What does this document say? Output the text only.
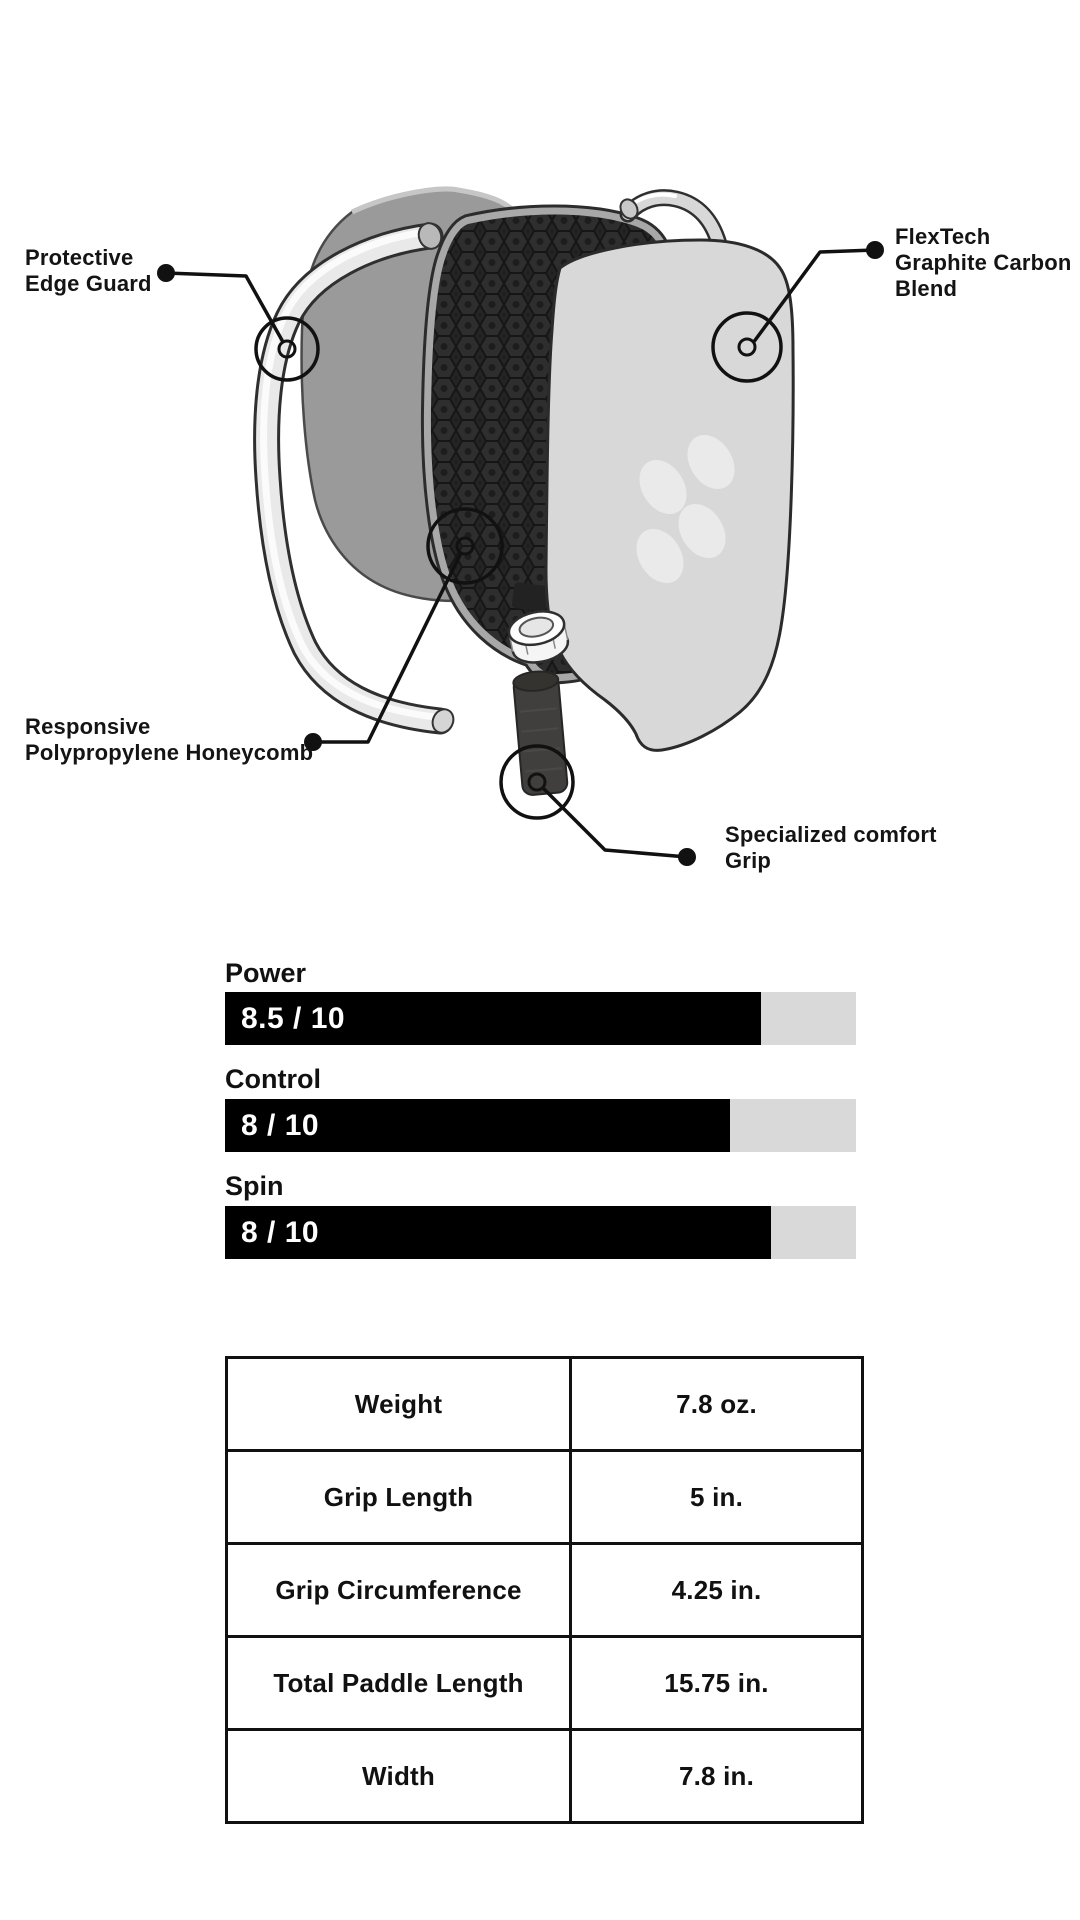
Protective
Edge Guard
FlexTech
Graphite Carbon
Blend
Responsive
Polypropylene Honeycomb
Specialized comfort
Grip
Power
8.5 / 10
Control
8 / 10
Spin
8 / 10
Weight	7.8 oz.
Grip Length	5 in.
Grip Circumference	4.25 in.
Total Paddle Length	15.75 in.
Width	7.8 in.
